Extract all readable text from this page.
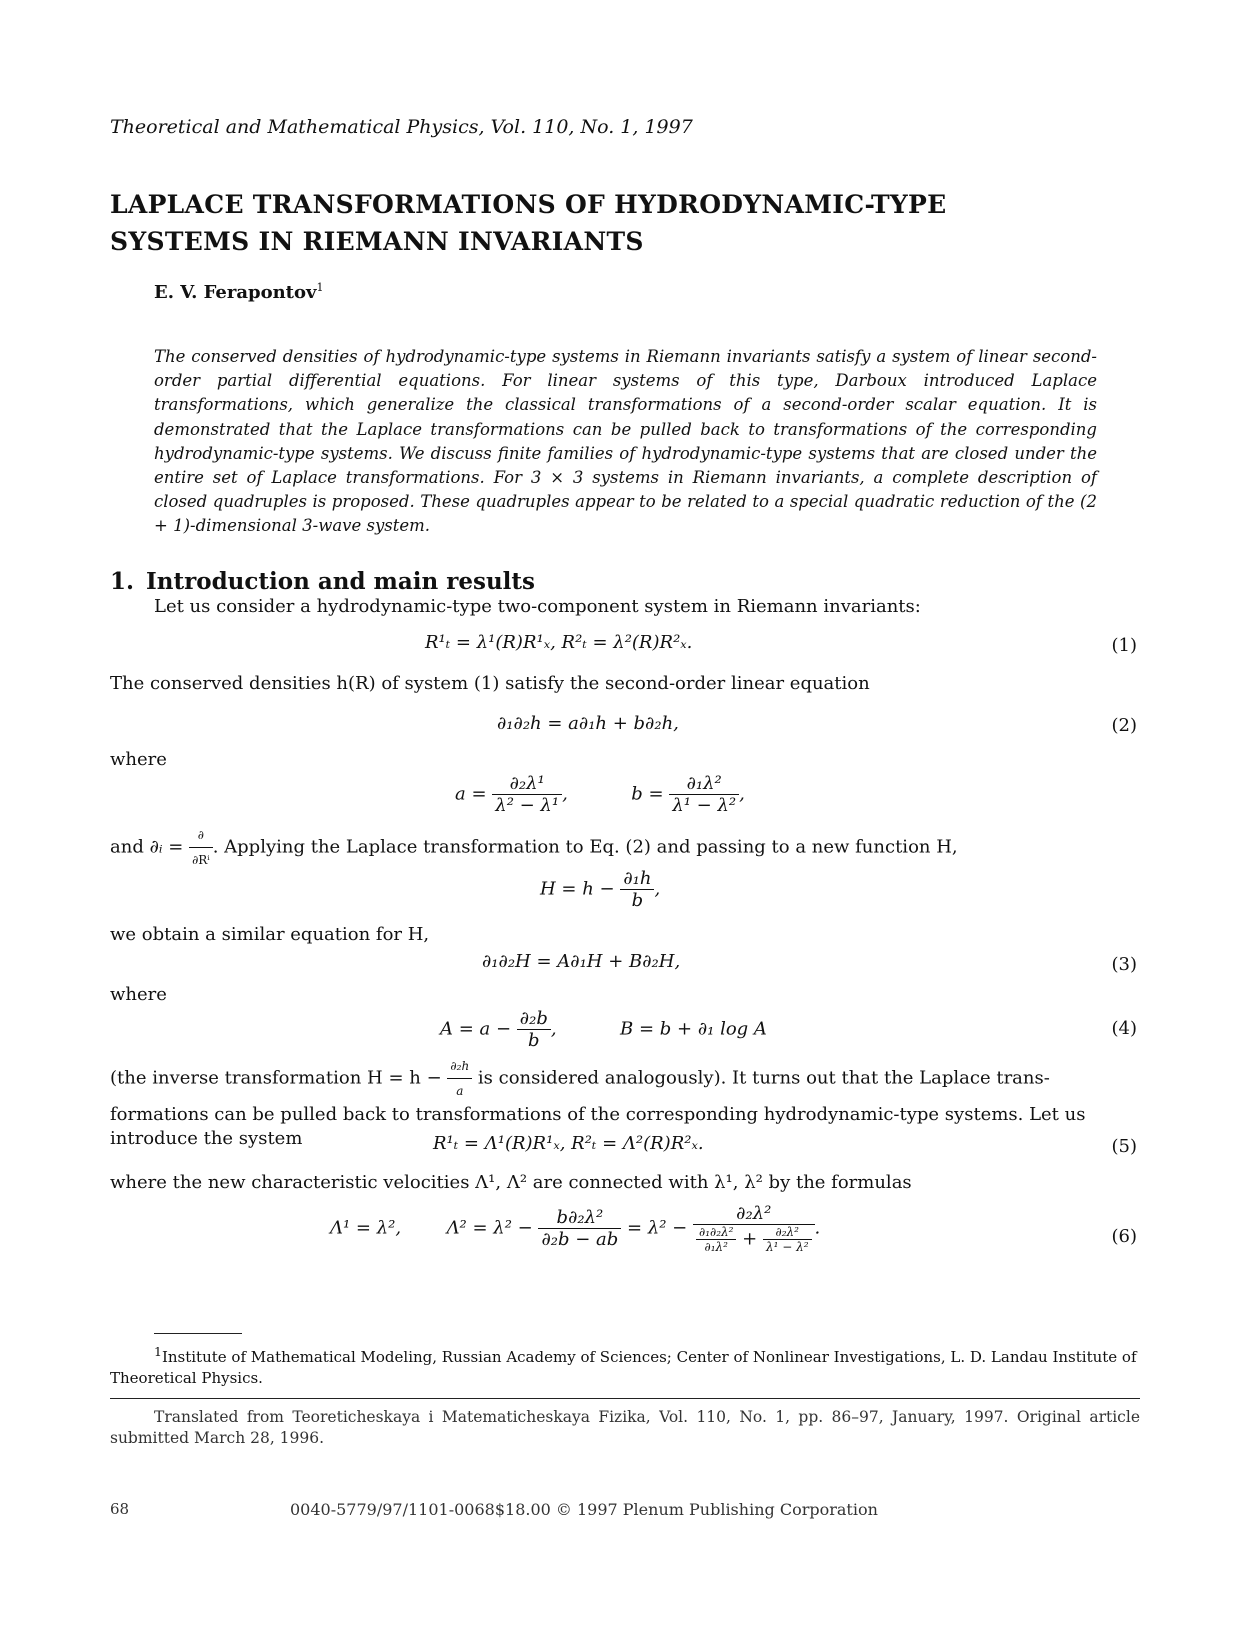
Theoretical and Mathematical Physics, Vol. 110, No. 1, 1997
LAPLACE TRANSFORMATIONS OF HYDRODYNAMIC-TYPE
SYSTEMS IN RIEMANN INVARIANTS
E. V. Ferapontov$^1$
The conserved densities of hydrodynamic-type systems in Riemann invariants satisfy a system of linear second-order partial differential equations. For linear systems of this type, Darboux introduced Laplace transformations, which generalize the classical transformations of a second-order scalar equation. It is demonstrated that the Laplace transformations can be pulled back to transformations of the corresponding hydrodynamic-type systems. We discuss finite families of hydrodynamic-type systems that are closed under the entire set of Laplace transformations. For 3 × 3 systems in Riemann invariants, a complete description of closed quadruples is proposed. These quadruples appear to be related to a special quadratic reduction of the (2 + 1)-dimensional 3-wave system.
1. Introduction and main results
Let us consider a hydrodynamic-type two-component system in Riemann invariants:
R¹ₜ = λ¹(R)R¹ₓ, R²ₜ = λ²(R)R²ₓ.	(1)
The conserved densities h(R) of system (1) satisfy the second-order linear equation
∂₁∂₂h = a∂₁h + b∂₂h,	(2)
where
$a = \frac{\text{∂₂λ¹}}{\text{λ² − λ¹}}$ ,	$b = \frac{\text{∂₁λ²}}{\text{λ¹ − λ²}}$ ,
and ∂ᵢ = $\frac{\partial}{\text{∂Rⁱ}}$ . Applying the Laplace transformation to Eq. (2) and passing to a new function H,
$H = h - \frac{\text{∂₁h}}{b}$ ,
we obtain a similar equation for H,
∂₁∂₂H = A∂₁H + B∂₂H,	(3)
where
$A = a - \frac{\text{∂₂b}}{b}$ ,	B = b + ∂₁ log A	(4)
(the inverse transformation $H = h - \frac{\text{∂₂h}}{a}$ is considered analogously). It turns out that the Laplace trans-
formations can be pulled back to transformations of the corresponding hydrodynamic-type systems. Let us
introduce the system	R¹ₜ = Λ¹(R)R¹ₓ, R²ₜ = Λ²(R)R²ₓ.	(5)
where the new characteristic velocities Λ¹, Λ² are connected with λ¹, λ² by the formulas
Λ¹ = λ²,	$\Lambda^2 = \lambda^2 - \frac{\text{b∂₂λ²}}{\text{∂₂b − ab}} = \lambda^2 - \frac{\text{∂₂λ²}}{\frac{\text{∂₁∂₂λ²}}{\text{∂₁λ²}} + \frac{\text{∂₂λ²}}{\text{λ¹ − λ²}}}$ .	(6)
$^1$Institute of Mathematical Modeling, Russian Academy of Sciences; Center of Nonlinear Investigations, L. D. Landau Institute of Theoretical Physics.
Translated from Teoreticheskaya i Matematicheskaya Fizika, Vol. 110, No. 1, pp. 86–97, January, 1997. Original article submitted March 28, 1996.
68	0040-5779/97/1101-0068$18.00 © 1997 Plenum Publishing Corporation
